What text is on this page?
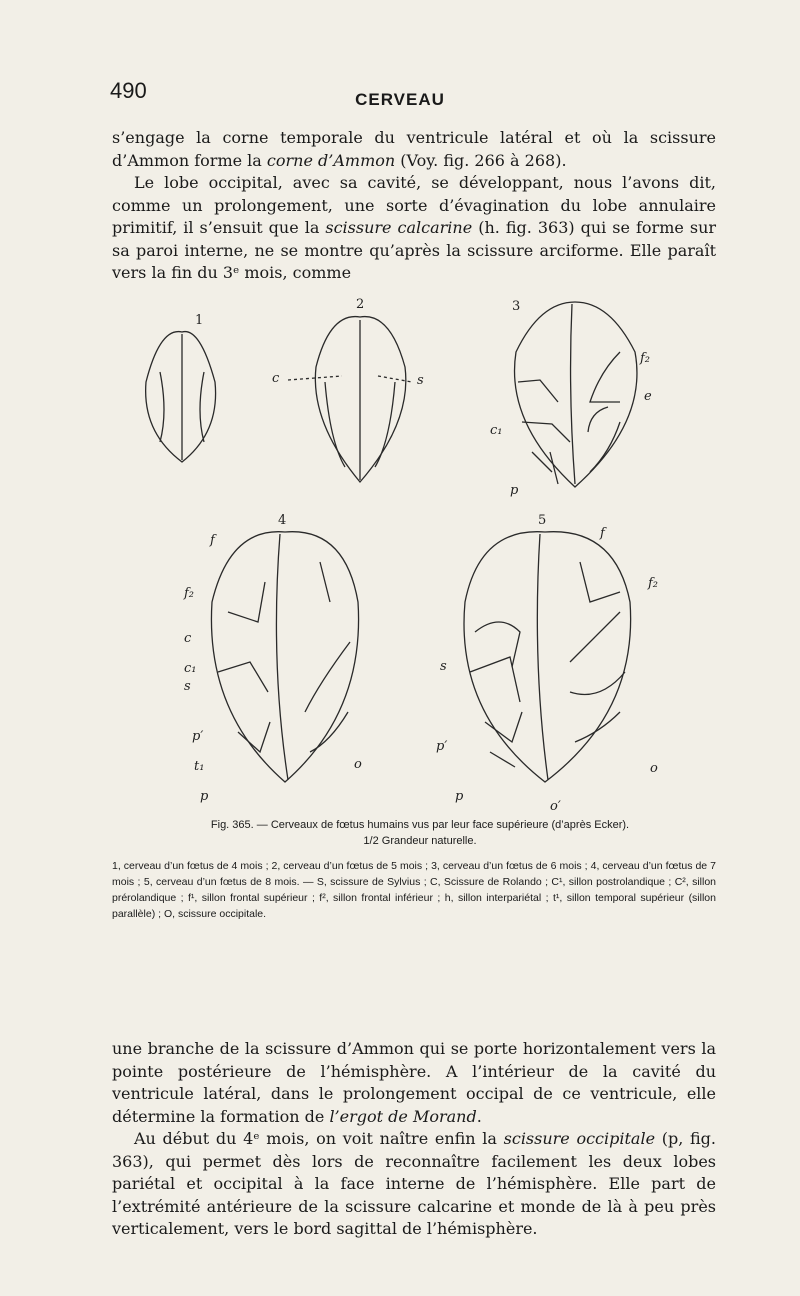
490	CERVEAU
s’engage la corne temporale du ventricule latéral et où la scissure d’Ammon forme la corne d’Ammon (Voy. fig. 266 à 268).
Le lobe occipital, avec sa cavité, se développant, nous l’avons dit, comme un prolongement, une sorte d’évagination du lobe annulaire primitif, il s’ensuit que la scissure calcarine (h. fig. 363) qui se forme sur sa paroi interne, ne se montre qu’après la scissure arciforme. Elle paraît vers la fin du 3ᵉ mois, comme
1
2	3
4	5
c	s
f₂
e
c₁
p
f
f₂
c
c₁
s
p′
t₁
p
o
f
f₂
s
p′
p
o
o′
Fig. 365. — Cerveaux de fœtus humains vus par leur face supérieure (d’après Ecker).
1/2 Grandeur naturelle.

1, cerveau d’un fœtus de 4 mois ; 2, cerveau d’un fœtus de 5 mois ; 3, cerveau d’un fœtus de 6 mois ; 4, cerveau d’un fœtus de 7 mois ; 5, cerveau d’un fœtus de 8 mois. — S, scissure de Sylvius ; C, Scissure de Rolando ; C¹, sillon postrolandique ; C², sillon prérolandique ; f¹, sillon frontal supérieur ; f², sillon frontal inférieur ; h, sillon interpariétal ; t¹, sillon temporal supérieur (sillon parallèle) ; O, scissure occipitale.

une branche de la scissure d’Ammon qui se porte horizontalement vers la pointe postérieure de l’hémisphère. A l’intérieur de la cavité du ventricule latéral, dans le prolongement occipal de ce ventricule, elle détermine la formation de l’ergot de Morand.
Au début du 4ᵉ mois, on voit naître enfin la scissure occipitale (p, fig. 363), qui permet dès lors de reconnaître facilement les deux lobes pariétal et occipital à la face interne de l’hémisphère. Elle part de l’extrémité antérieure de la scissure calcarine et monde de là à peu près verticalement, vers le bord sagittal de l’hémisphère.
